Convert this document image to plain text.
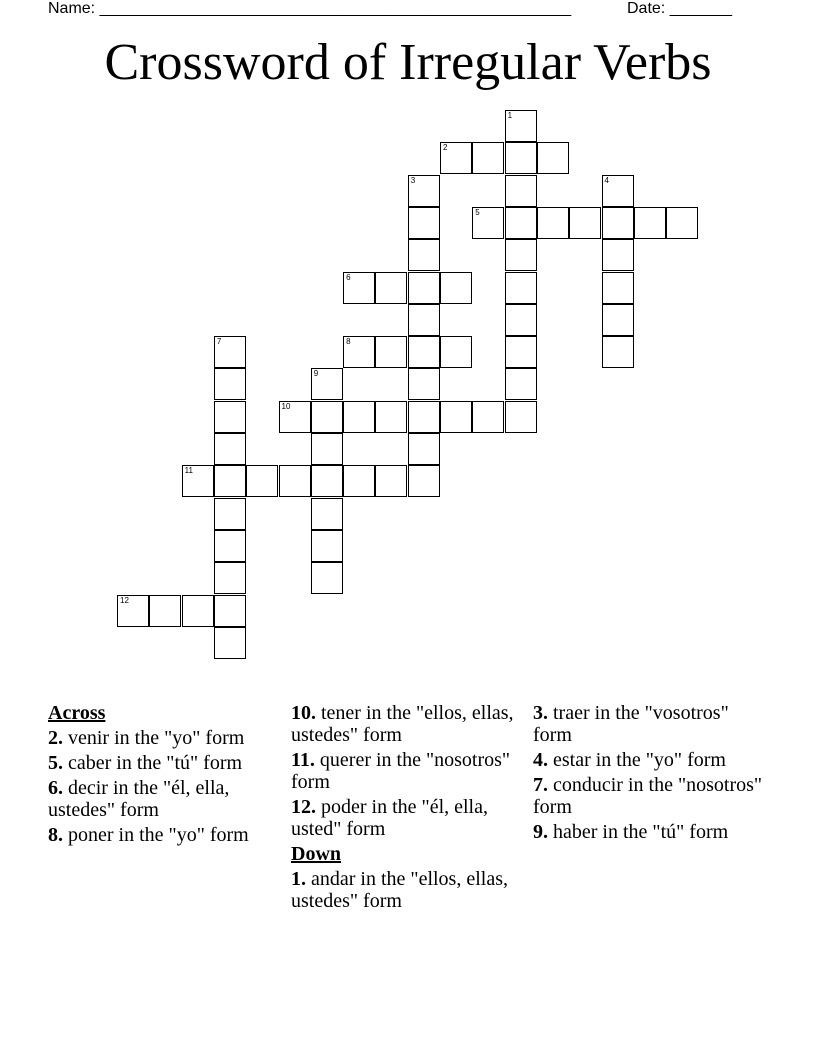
Name: _____________________________________________________	Date: _______
Crossword of Irregular Verbs
1
2
3	4
5
6
7	8
9
10
11
12
Across
2. venir in the "yo" form
5. caber in the "tú" form
6. decir in the "él, ella, ustedes" form
8. poner in the "yo" form
10. tener in the "ellos, ellas, ustedes" form
11. querer in the "nosotros" form
12. poder in the "él, ella, usted" form
Down
1. andar in the "ellos, ellas, ustedes" form
3. traer in the "vosotros" form
4. estar in the "yo" form
7. conducir in the "nosotros" form
9. haber in the "tú" form
